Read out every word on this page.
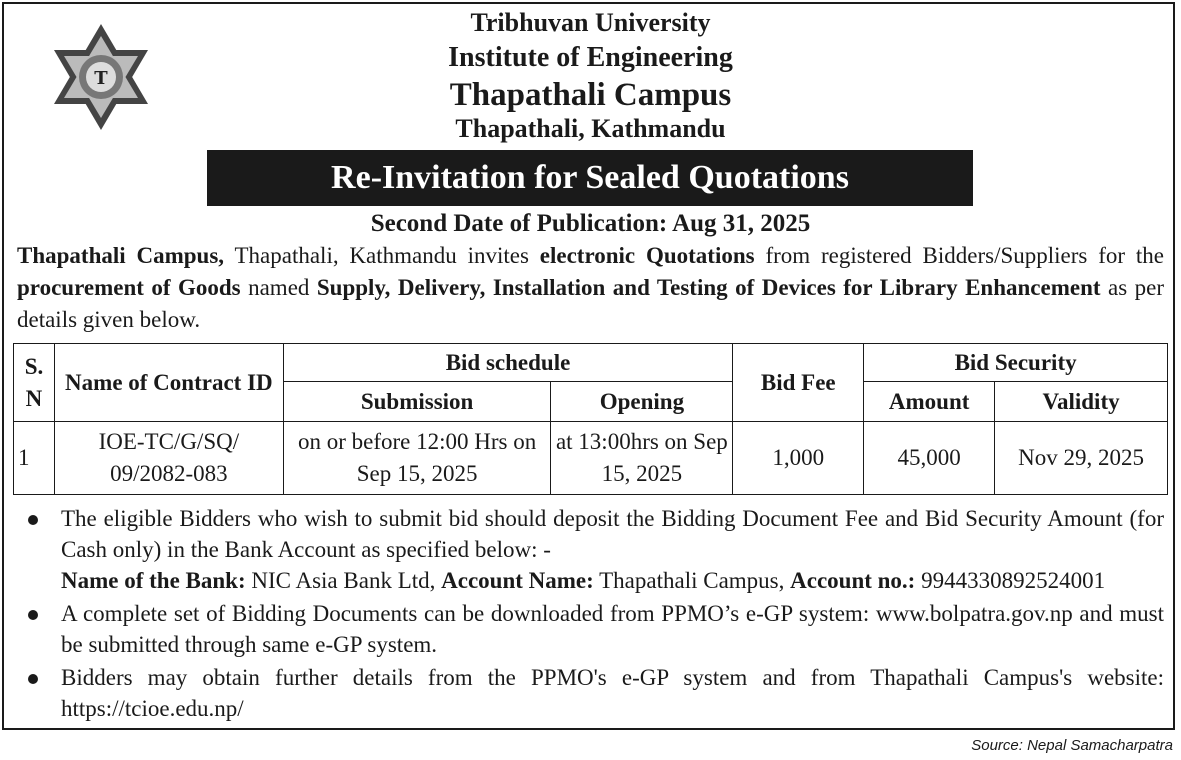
T
Tribhuvan University
Institute of Engineering
Thapathali Campus
Thapathali, Kathmandu
Re-Invitation for Sealed Quotations
Second Date of Publication: Aug 31, 2025
Thapathali Campus, Thapathali, Kathmandu invites electronic Quotations from registered Bidders/Suppliers for the procurement of Goods named Supply, Delivery, Installation and Testing of Devices for Library Enhancement as per details given below.
S. N	Name of Contract ID	Bid schedule		Bid Fee	Bid Security	
		Submission	Opening		Amount	Validity
1	IOE-TC/G/SQ/ 09/2082-083	on or before 12:00 Hrs on Sep 15, 2025	at 13:00hrs on Sep 15, 2025	1,000	45,000	Nov 29, 2025
The eligible Bidders who wish to submit bid should deposit the Bidding Document Fee and Bid Security Amount (for Cash only) in the Bank Account as specified below: -
Name of the Bank: NIC Asia Bank Ltd, Account Name: Thapathali Campus, Account no.: 9944330892524001
A complete set of Bidding Documents can be downloaded from PPMO’s e-GP system: www.bolpatra.gov.np and must be submitted through same e-GP system.
Bidders may obtain further details from the PPMO's e-GP system and from Thapathali Campus's website: https://tcioe.edu.np/
Source: Nepal Samacharpatra
